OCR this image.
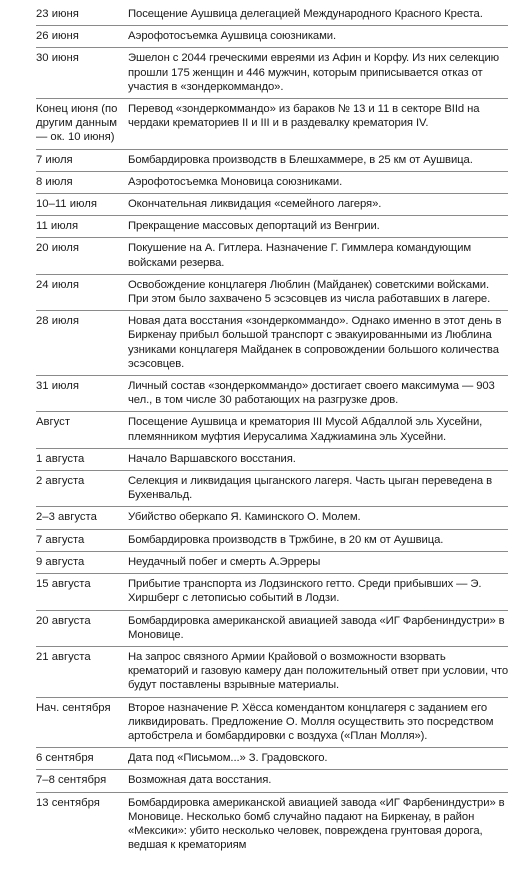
23 июня	Посещение Аушвица делегацией Международного Красного Креста.
26 июня	Аэрофотосъемка Аушвица союзниками.
30 июня	Эшелон с 2044 греческими евреями из Афин и Корфу. Из них селекцию прошли 175 женщин и 446 мужчин, которым приписывается отказ от участия в «зондеркоммандо».
Конец июня (по другим данным — ок. 10 июня)	Перевод «зондеркоммандо» из бараков № 13 и 11 в секторе BIId на чердаки крематориев II и III и в раздевалку крематория IV.
7 июля	Бомбардировка производств в Блешхаммере, в 25 км от Аушвица.
8 июля	Аэрофотосъемка Моновица союзниками.
10–11 июля	Окончательная ликвидация «семейного лагеря».
11 июля	Прекращение массовых депортаций из Венгрии.
20 июля	Покушение на А. Гитлера. Назначение Г. Гиммлера командующим войсками резерва.
24 июля	Освобождение концлагеря Люблин (Майданек) советскими войсками. При этом было захвачено 5 эсэсовцев из числа работавших в лагере.
28 июля	Новая дата восстания «зондеркоммандо». Однако именно в этот день в Биркенау прибыл большой транспорт с эвакуированными из Люблина узниками концлагеря Майданек в сопровождении большого количества эсэсовцев.
31 июля	Личный состав «зондеркоммандо» достигает своего максимума — 903 чел., в том числе 30 работающих на разгрузке дров.
Август	Посещение Аушвица и крематория III Мусой Абдаллой эль Хусейни, племянником муфтия Иерусалима Хаджиамина эль Хусейни.
1 августа	Начало Варшавского восстания.
2 августа	Селекция и ликвидация цыганского лагеря. Часть цыган переведена в Бухенвальд.
2–3 августа	Убийство оберкапо Я. Каминского О. Молем.
7 августа	Бомбардировка производств в Тржбине, в 20 км от Аушвица.
9 августа	Неудачный побег и смерть А.Эрреры
15 августа	Прибытие транспорта из Лодзинского гетто. Среди прибывших — Э. Хиршберг с летописью событий в Лодзи.
20 августа	Бомбардировка американской авиацией завода «ИГ Фарбениндустри» в Моновице.
21 августа	На запрос связного Армии Крайовой о возможности взорвать крематорий и газовую камеру дан положительный ответ при условии, что будут поставлены взрывные материалы.
Нач. сентября	Второе назначение Р. Хёсса комендантом концлагеря с заданием его ликвидировать. Предложение О. Молля осуществить это посредством артобстрела и бомбардировки с воздуха («План Молля»).
6 сентября	Дата под «Письмом...» З. Градовского.
7–8 сентября	Возможная дата восстания.
13 сентября	Бомбардировка американской авиацией завода «ИГ Фарбениндустри» в Моновице. Несколько бомб случайно падают на Биркенау, в район «Мексики»: убито несколько человек, повреждена грунтовая дорога, ведшая к крематориям
